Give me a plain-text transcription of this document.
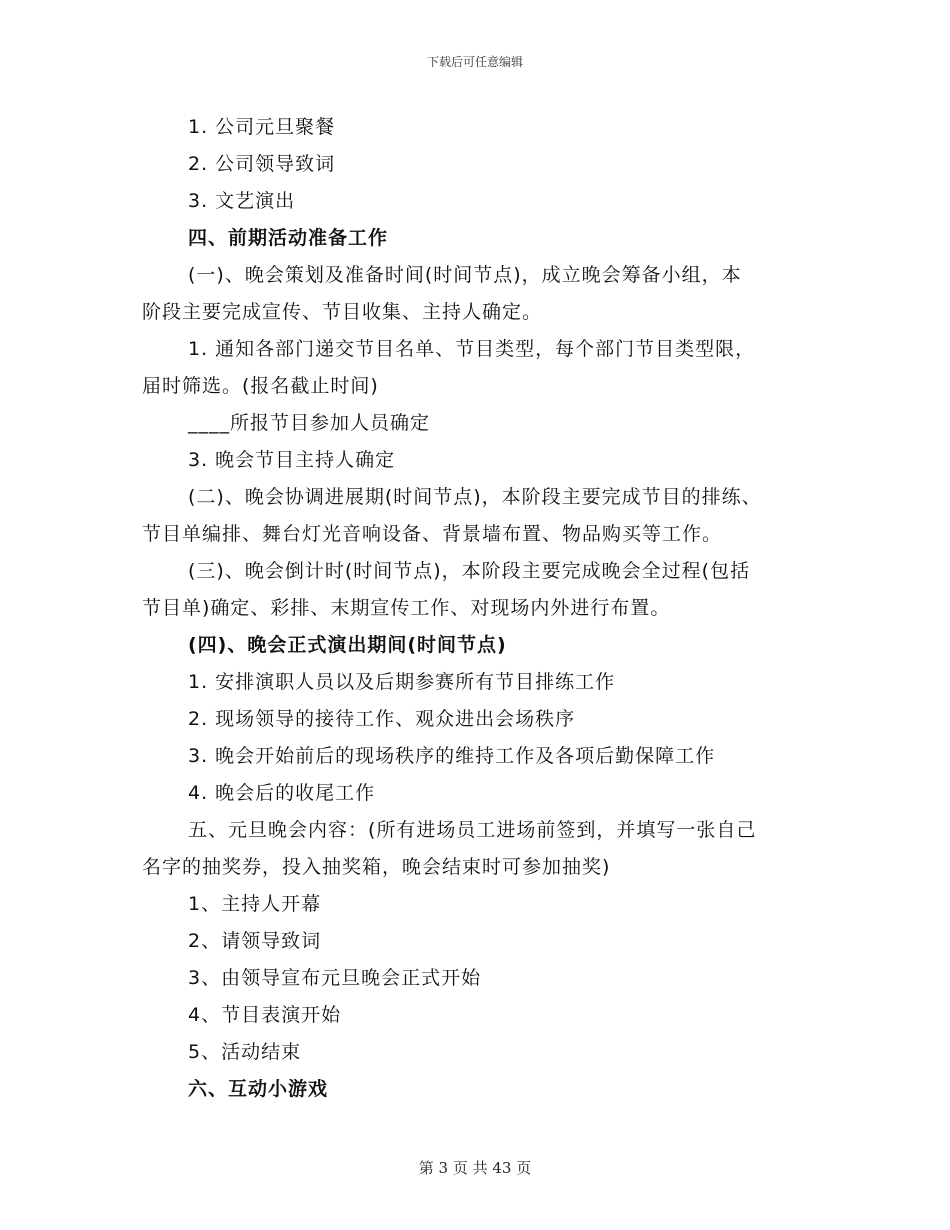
下载后可任意编辑
1. 公司元旦聚餐
2. 公司领导致词
3. 文艺演出
四、前期活动准备工作
(一)、晚会策划及准备时间(时间节点)，成立晚会筹备小组，本
阶段主要完成宣传、节目收集、主持人确定。
1. 通知各部门递交节目名单、节目类型，每个部门节目类型限，
届时筛选。(报名截止时间)
____所报节目参加人员确定
3. 晚会节目主持人确定
(二)、晚会协调进展期(时间节点)，本阶段主要完成节目的排练、
节目单编排、舞台灯光音响设备、背景墙布置、物品购买等工作。
(三)、晚会倒计时(时间节点)，本阶段主要完成晚会全过程(包括
节目单)确定、彩排、末期宣传工作、对现场内外进行布置。
(四)、晚会正式演出期间(时间节点)
1. 安排演职人员以及后期参赛所有节目排练工作
2. 现场领导的接待工作、观众进出会场秩序
3. 晚会开始前后的现场秩序的维持工作及各项后勤保障工作
4. 晚会后的收尾工作
五、元旦晚会内容：(所有进场员工进场前签到，并填写一张自己
名字的抽奖券，投入抽奖箱，晚会结束时可参加抽奖)
1、主持人开幕
2、请领导致词
3、由领导宣布元旦晚会正式开始
4、节目表演开始
5、活动结束
六、互动小游戏
第 3 页 共 43 页
